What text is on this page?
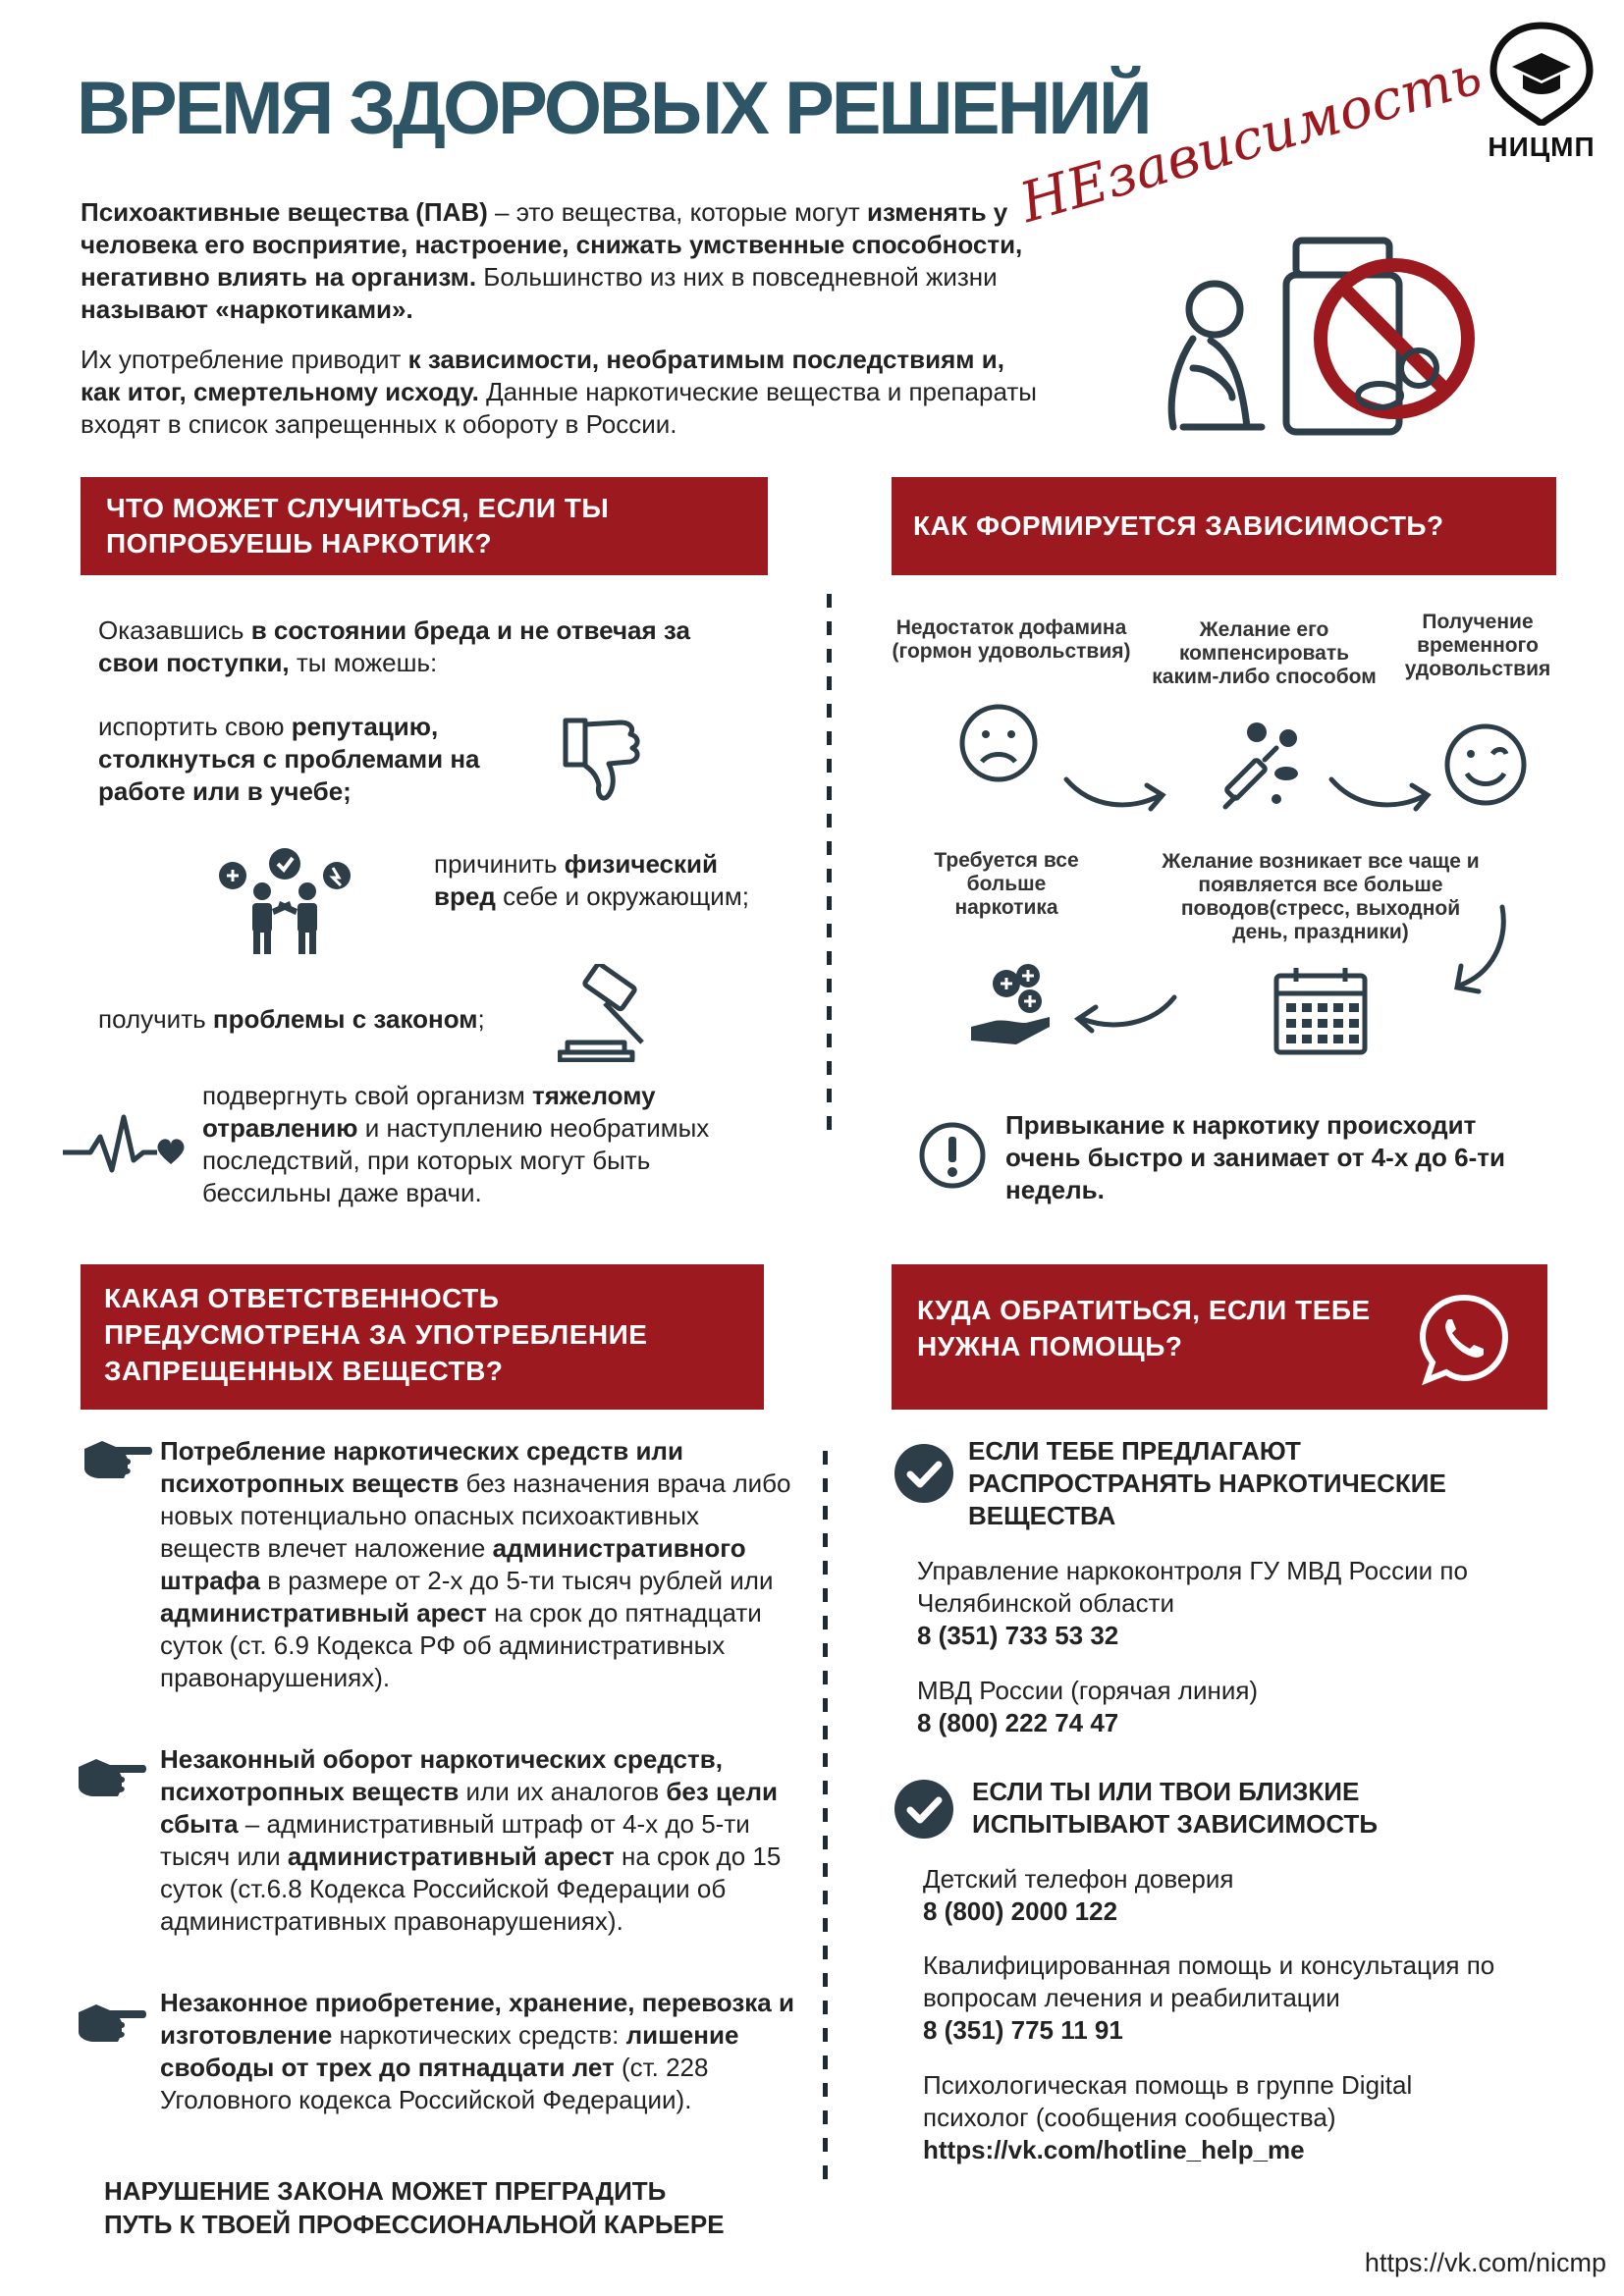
ВРЕМЯ ЗДОРОВЫХ РЕШЕНИЙ	НИЦМП
НЕзависимость
Психоактивные вещества (ПАВ) – это вещества, которые могут изменять у человека его восприятие, настроение, снижать умственные способности, негативно влиять на организм. Большинство из них в повседневной жизни называют «наркотиками».
Их употребление приводит к зависимости, необратимым последствиям и, как итог, смертельному исходу. Данные наркотические вещества и препараты входят в список запрещенных к обороту в России.
ЧТО МОЖЕТ СЛУЧИТЬСЯ, ЕСЛИ ТЫ
ПОПРОБУЕШЬ НАРКОТИК?
КАК ФОРМИРУЕТСЯ ЗАВИСИМОСТЬ?
Оказавшись в состоянии бреда и не отвечая за свои поступки, ты можешь:
испортить свою репутацию, столкнуться с проблемами на работе или в учебе;
причинить физический вред себе и окружающим;
получить проблемы с законом;
подвергнуть свой организм тяжелому отравлению и наступлению необратимых последствий, при которых могут быть бессильны даже врачи.
Недостаток дофамина (гормон удовольствия)
Желание его компенсировать каким-либо способом
Получение временного удовольствия
Требуется все больше наркотика
Желание возникает все чаще и появляется все больше поводов(стресс, выходной день, праздники)
Привыкание к наркотику происходит очень быстро и занимает от 4-х до 6-ти недель.
КАКАЯ ОТВЕТСТВЕННОСТЬ
ПРЕДУСМОТРЕНА ЗА УПОТРЕБЛЕНИЕ
ЗАПРЕЩЕННЫХ ВЕЩЕСТВ?
КУДА ОБРАТИТЬСЯ, ЕСЛИ ТЕБЕ
НУЖНА ПОМОЩЬ?
Потребление наркотических средств или психотропных веществ без назначения врача либо новых потенциально опасных психоактивных веществ влечет наложение административного штрафа в размере от 2-х до 5-ти тысяч рублей или административный арест на срок до пятнадцати суток (ст. 6.9 Кодекса РФ об административных правонарушениях).
Незаконный оборот наркотических средств, психотропных веществ или их аналогов без цели сбыта – административный штраф от 4-х до 5-ти тысяч или административный арест на срок до 15 суток (ст.6.8 Кодекса Российской Федерации об административных правонарушениях).
Незаконное приобретение, хранение, перевозка и изготовление наркотических средств: лишение свободы от трех до пятнадцати лет (ст. 228 Уголовного кодекса Российской Федерации).
НАРУШЕНИЕ ЗАКОНА МОЖЕТ ПРЕГРАДИТЬ
ПУТЬ К ТВОЕЙ ПРОФЕССИОНАЛЬНОЙ КАРЬЕРЕ
ЕСЛИ ТЕБЕ ПРЕДЛАГАЮТ РАСПРОСТРАНЯТЬ НАРКОТИЧЕСКИЕ ВЕЩЕСТВА
Управление наркоконтроля ГУ МВД России по Челябинской области
8 (351) 733 53 32
МВД России (горячая линия)
8 (800) 222 74 47
ЕСЛИ ТЫ ИЛИ ТВОИ БЛИЗКИЕ ИСПЫТЫВАЮТ ЗАВИСИМОСТЬ
Детский телефон доверия
8 (800) 2000 122
Квалифицированная помощь и консультация по вопросам лечения и реабилитации
8 (351) 775 11 91
Психологическая помощь в группе Digital психолог (сообщения сообщества)
https://vk.com/hotline_help_me
https://vk.com/nicmp
